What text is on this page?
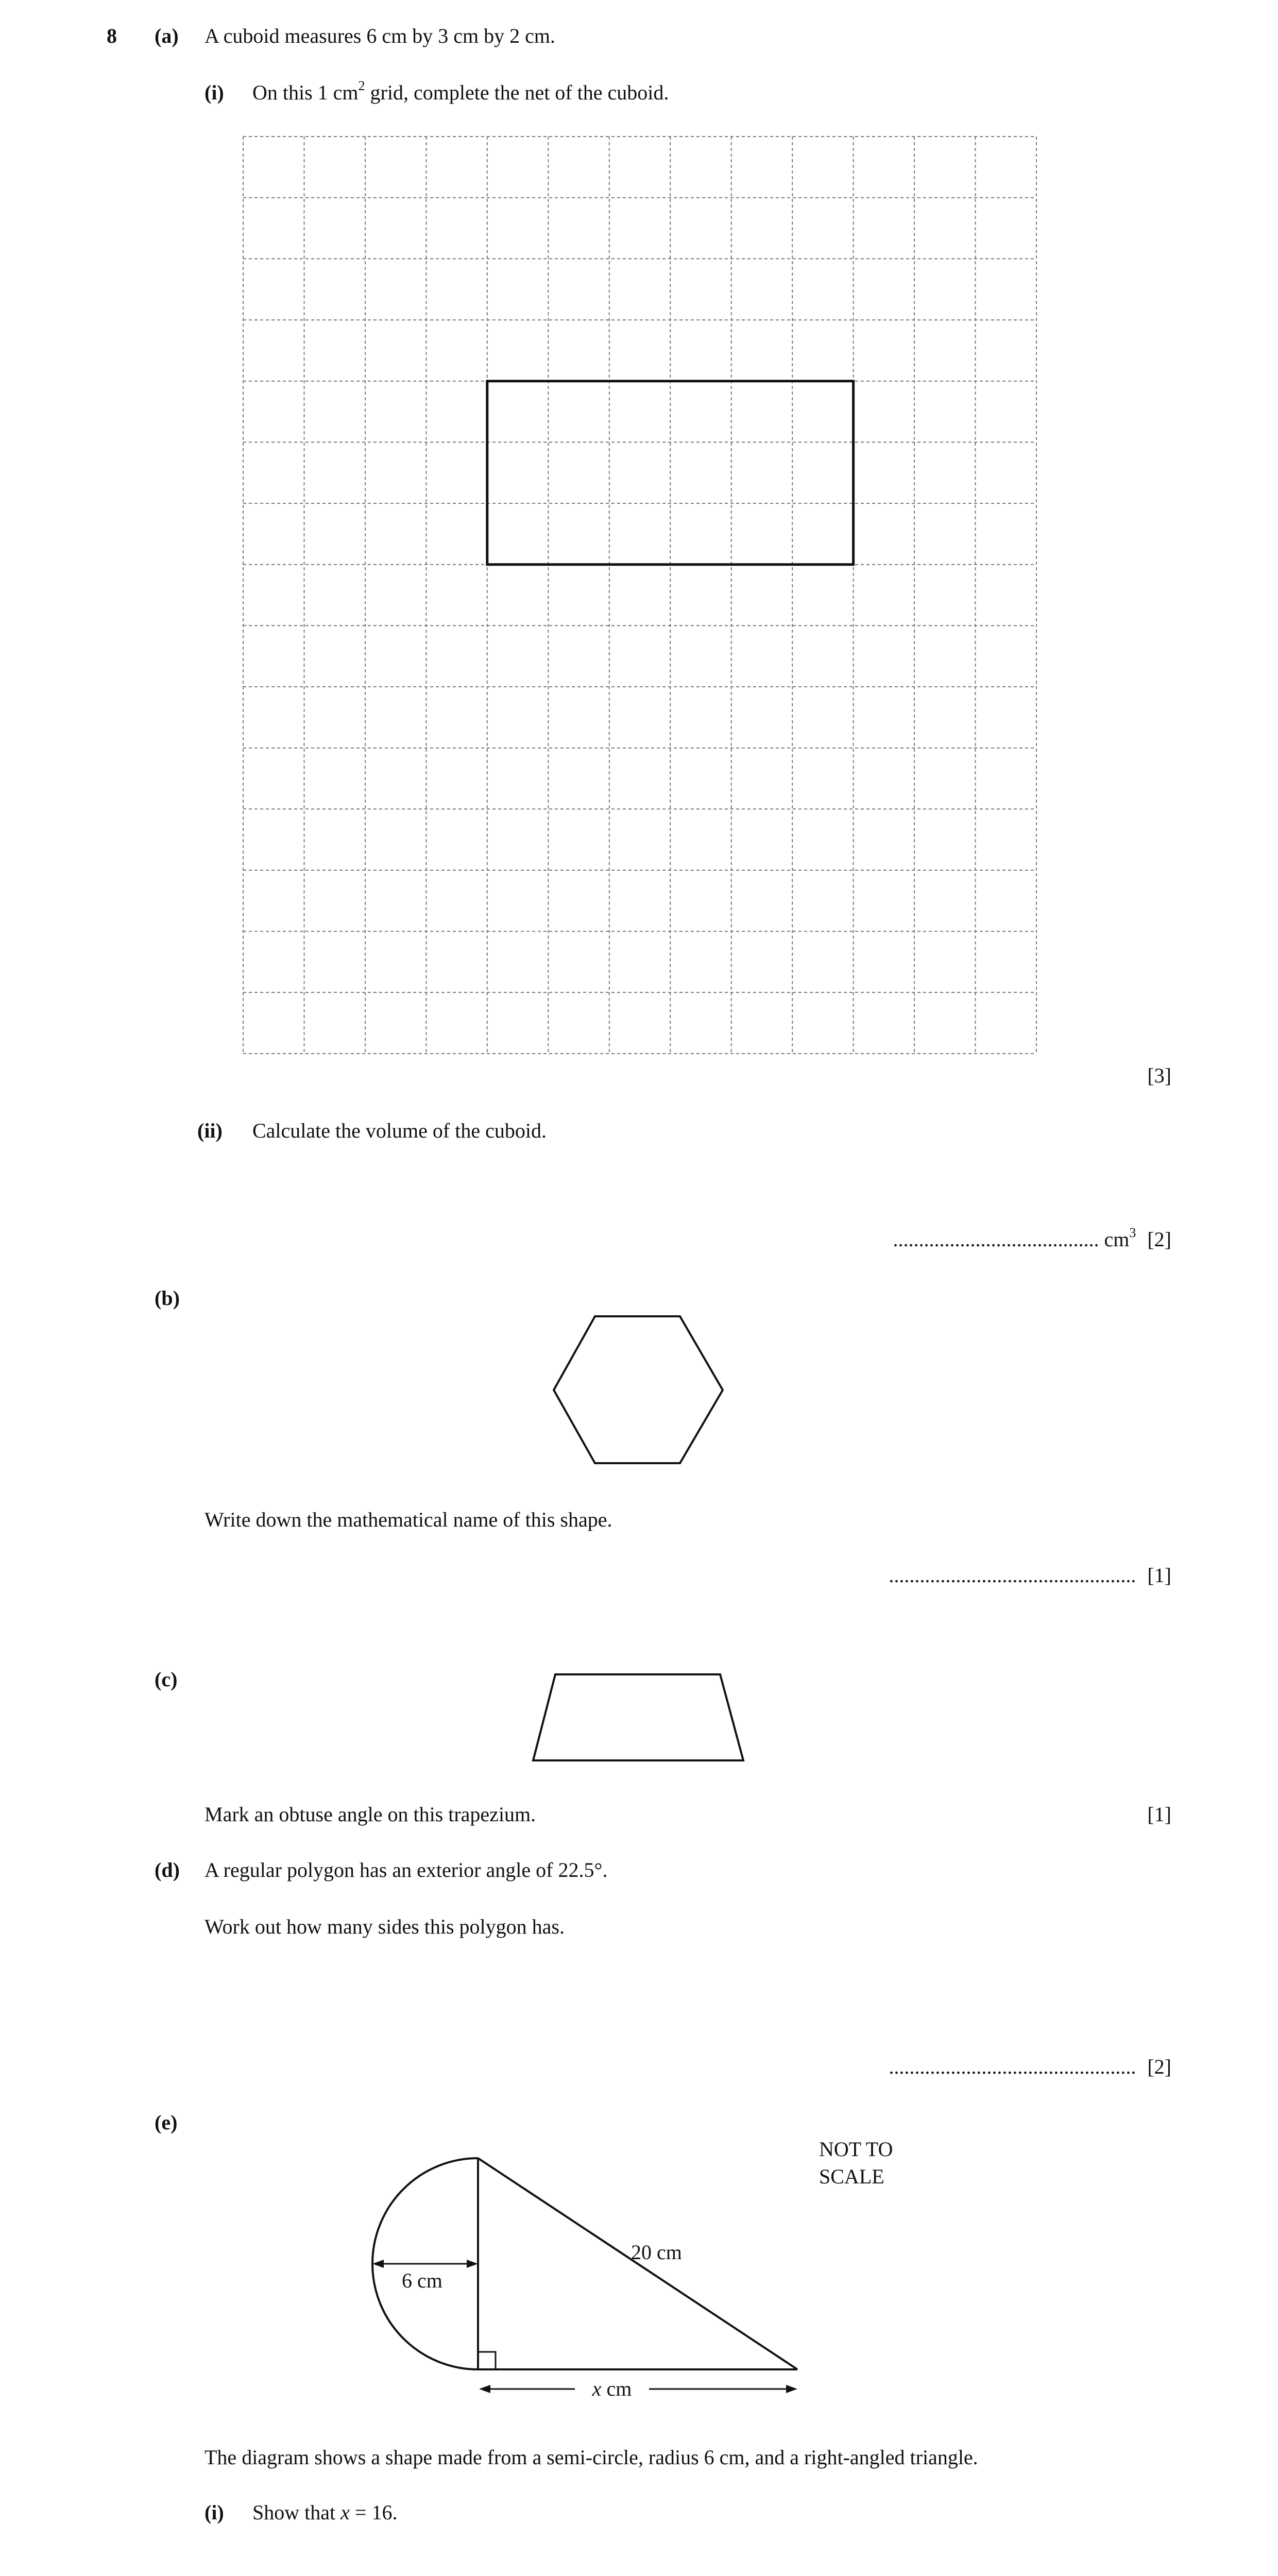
8 (a) A cuboid measures 6 cm by 3 cm by 2 cm.
(i) On this 1 $cm^2$ grid, complete the net of the cuboid.
[3]
(ii) Calculate the volume of the cuboid.
........................................ $cm^3$ [2]
(b)
Write down the mathematical name of this shape.
................................................ [1]
(c)
Mark an obtuse angle on this trapezium.	[1]
(d) A regular polygon has an exterior angle of 22.5°.
Work out how many sides this polygon has.
................................................ [2]
(e)
6 cm
20 cm
x cm
NOT TO
SCALE
The diagram shows a shape made from a semi-circle, radius 6 cm, and a right-angled triangle.
(i) Show that x = 16.
